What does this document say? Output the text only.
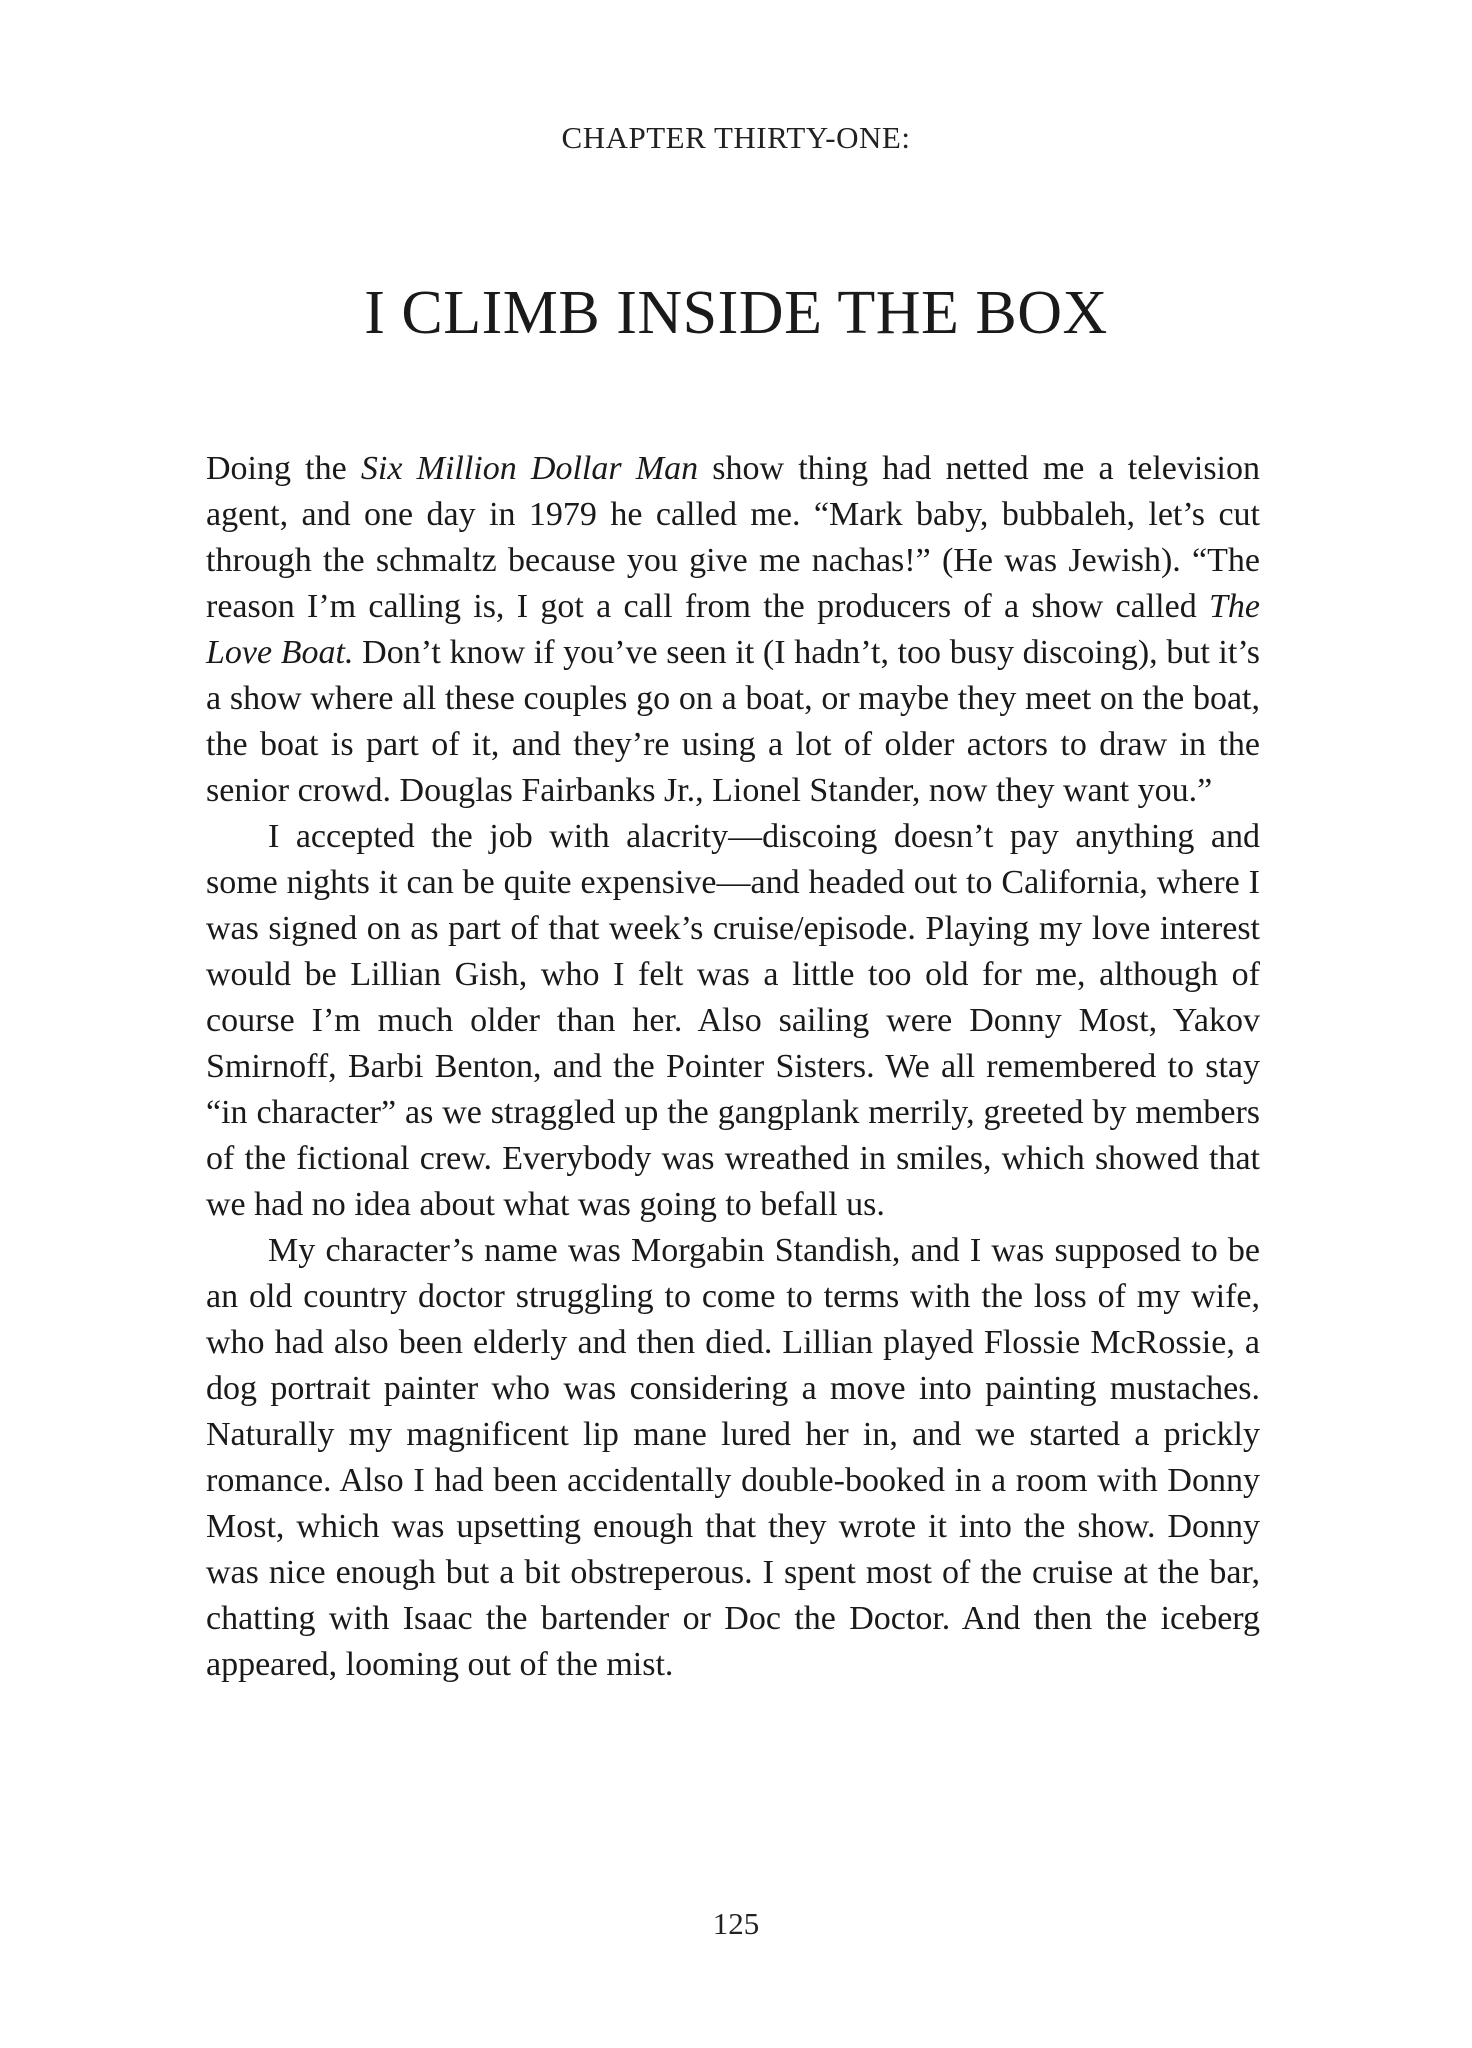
CHAPTER THIRTY-ONE:
I CLIMB INSIDE THE BOX

Doing the Six Million Dollar Man show thing had netted me a television agent, and one day in 1979 he called me. “Mark baby, bubbaleh, let’s cut through the schmaltz because you give me nachas!” (He was Jewish). “The reason I’m calling is, I got a call from the producers of a show called The Love Boat. Don’t know if you’ve seen it (I hadn’t, too busy discoing), but it’s a show where all these couples go on a boat, or maybe they meet on the boat, the boat is part of it, and they’re using a lot of older actors to draw in the senior crowd. Douglas Fairbanks Jr., Lionel Stander, now they want you.”

I accepted the job with alacrity—discoing doesn’t pay anything and some nights it can be quite expensive—and headed out to California, where I was signed on as part of that week’s cruise/episode. Playing my love interest would be Lillian Gish, who I felt was a little too old for me, although of course I’m much older than her. Also sailing were Donny Most, Yakov Smirnoff, Barbi Benton, and the Pointer Sisters. We all remembered to stay “in character” as we straggled up the gangplank merrily, greeted by members of the fictional crew. Everybody was wreathed in smiles, which showed that we had no idea about what was going to befall us.

My character’s name was Morgabin Standish, and I was supposed to be an old country doctor struggling to come to terms with the loss of my wife, who had also been elderly and then died. Lillian played Flossie McRossie, a dog portrait painter who was considering a move into painting mustaches. Naturally my magnificent lip mane lured her in, and we started a prickly romance. Also I had been accidentally double-booked in a room with Donny Most, which was upsetting enough that they wrote it into the show. Donny was nice enough but a bit obstreperous. I spent most of the cruise at the bar, chatting with Isaac the bartender or Doc the Doctor. And then the iceberg appeared, looming out of the mist.

125
